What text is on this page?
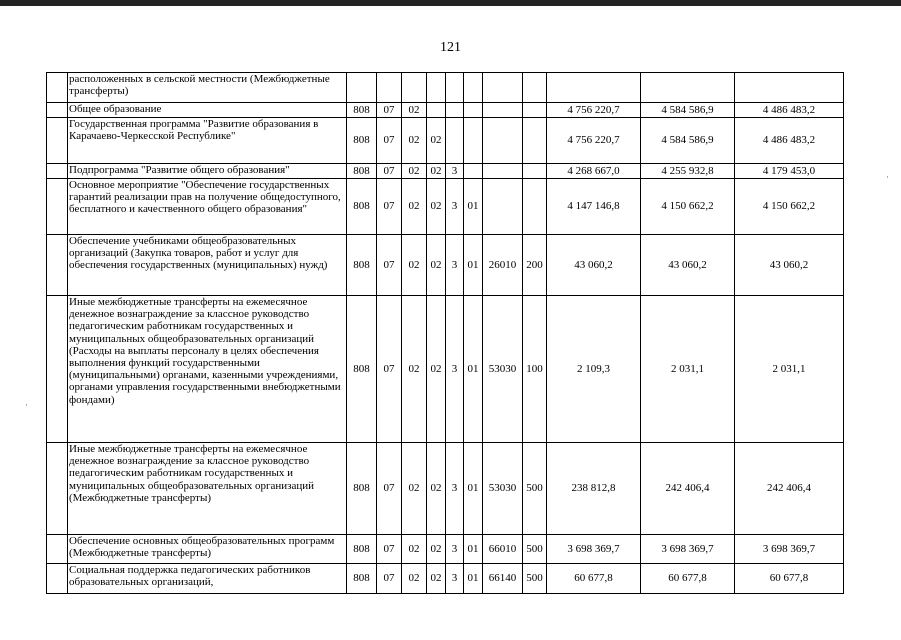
121
	расположенных в сельской местности (Межбюджетные трансферты)											
	Общее образование	808	07	02						4 756 220,7	4 584 586,9	4 486 483,2
	Государственная программа "Развитие образования в Карачаево-Черкесской Республике"	808	07	02	02					4 756 220,7	4 584 586,9	4 486 483,2
	Подпрограмма "Развитие общего образования"	808	07	02	02	3				4 268 667,0	4 255 932,8	4 179 453,0
	Основное мероприятие "Обеспечение государственных гарантий реализации прав на получение общедоступного, бесплатного и качественного общего образования"	808	07	02	02	3	01			4 147 146,8	4 150 662,2	4 150 662,2
	Обеспечение учебниками общеобразовательных организаций (Закупка товаров, работ и услуг для обеспечения государственных (муниципальных) нужд)	808	07	02	02	3	01	26010	200	43 060,2	43 060,2	43 060,2
	Иные межбюджетные трансферты на ежемесячное денежное вознаграждение за классное руководство педагогическим работникам государственных и муниципальных общеобразовательных организаций (Расходы на выплаты персоналу в целях обеспечения выполнения функций государственными (муниципальными) органами, казенными учреждениями, органами управления государственными внебюджетными фондами)	808	07	02	02	3	01	53030	100	2 109,3	2 031,1	2 031,1
	Иные межбюджетные трансферты на ежемесячное денежное вознаграждение за классное руководство педагогическим работникам государственных и муниципальных общеобразовательных организаций (Межбюджетные трансферты)	808	07	02	02	3	01	53030	500	238 812,8	242 406,4	242 406,4
	Обеспечение основных общеобразовательных программ (Межбюджетные трансферты)	808	07	02	02	3	01	66010	500	3 698 369,7	3 698 369,7	3 698 369,7
	Социальная поддержка педагогических работников образовательных организаций,	808	07	02	02	3	01	66140	500	60 677,8	60 677,8	60 677,8
·
·
